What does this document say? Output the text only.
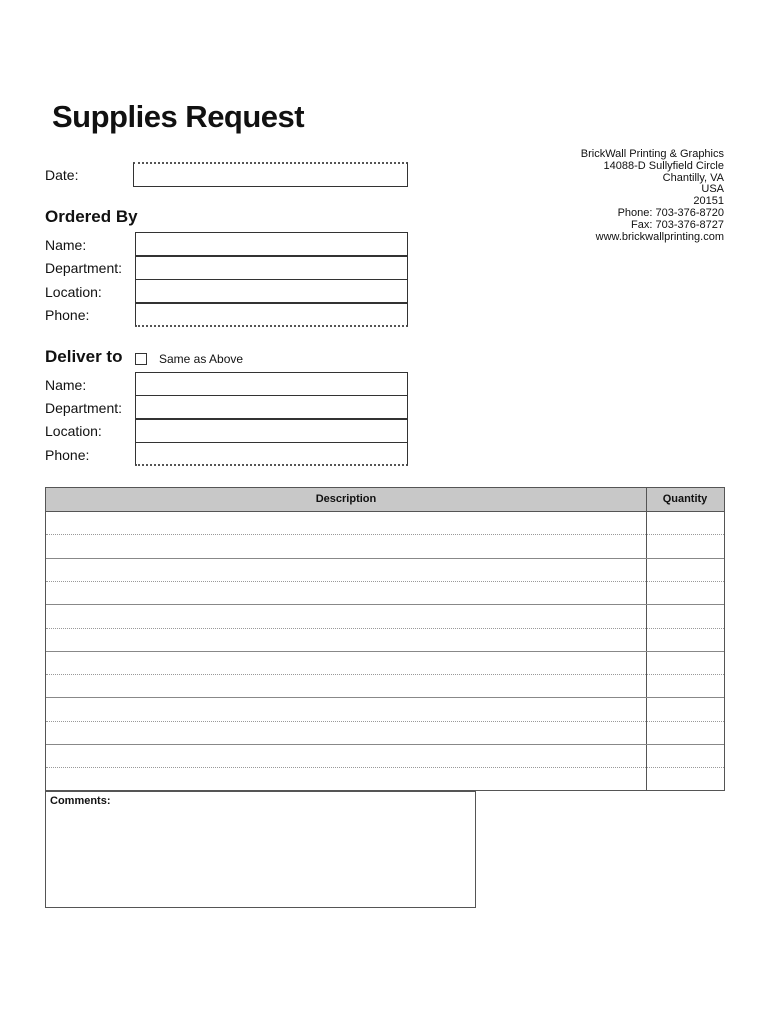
Supplies Request
Date:
BrickWall Printing & Graphics
14088-D Sullyfield Circle
Chantilly, VA
USA
20151
Phone: 703-376-8720
Fax: 703-376-8727
www.brickwallprinting.com
Ordered By
Name:
Department:
Location:
Phone:
Deliver to	Same as Above
Name:
Department:
Location:
Phone:
Description	Quantity
Comments:
